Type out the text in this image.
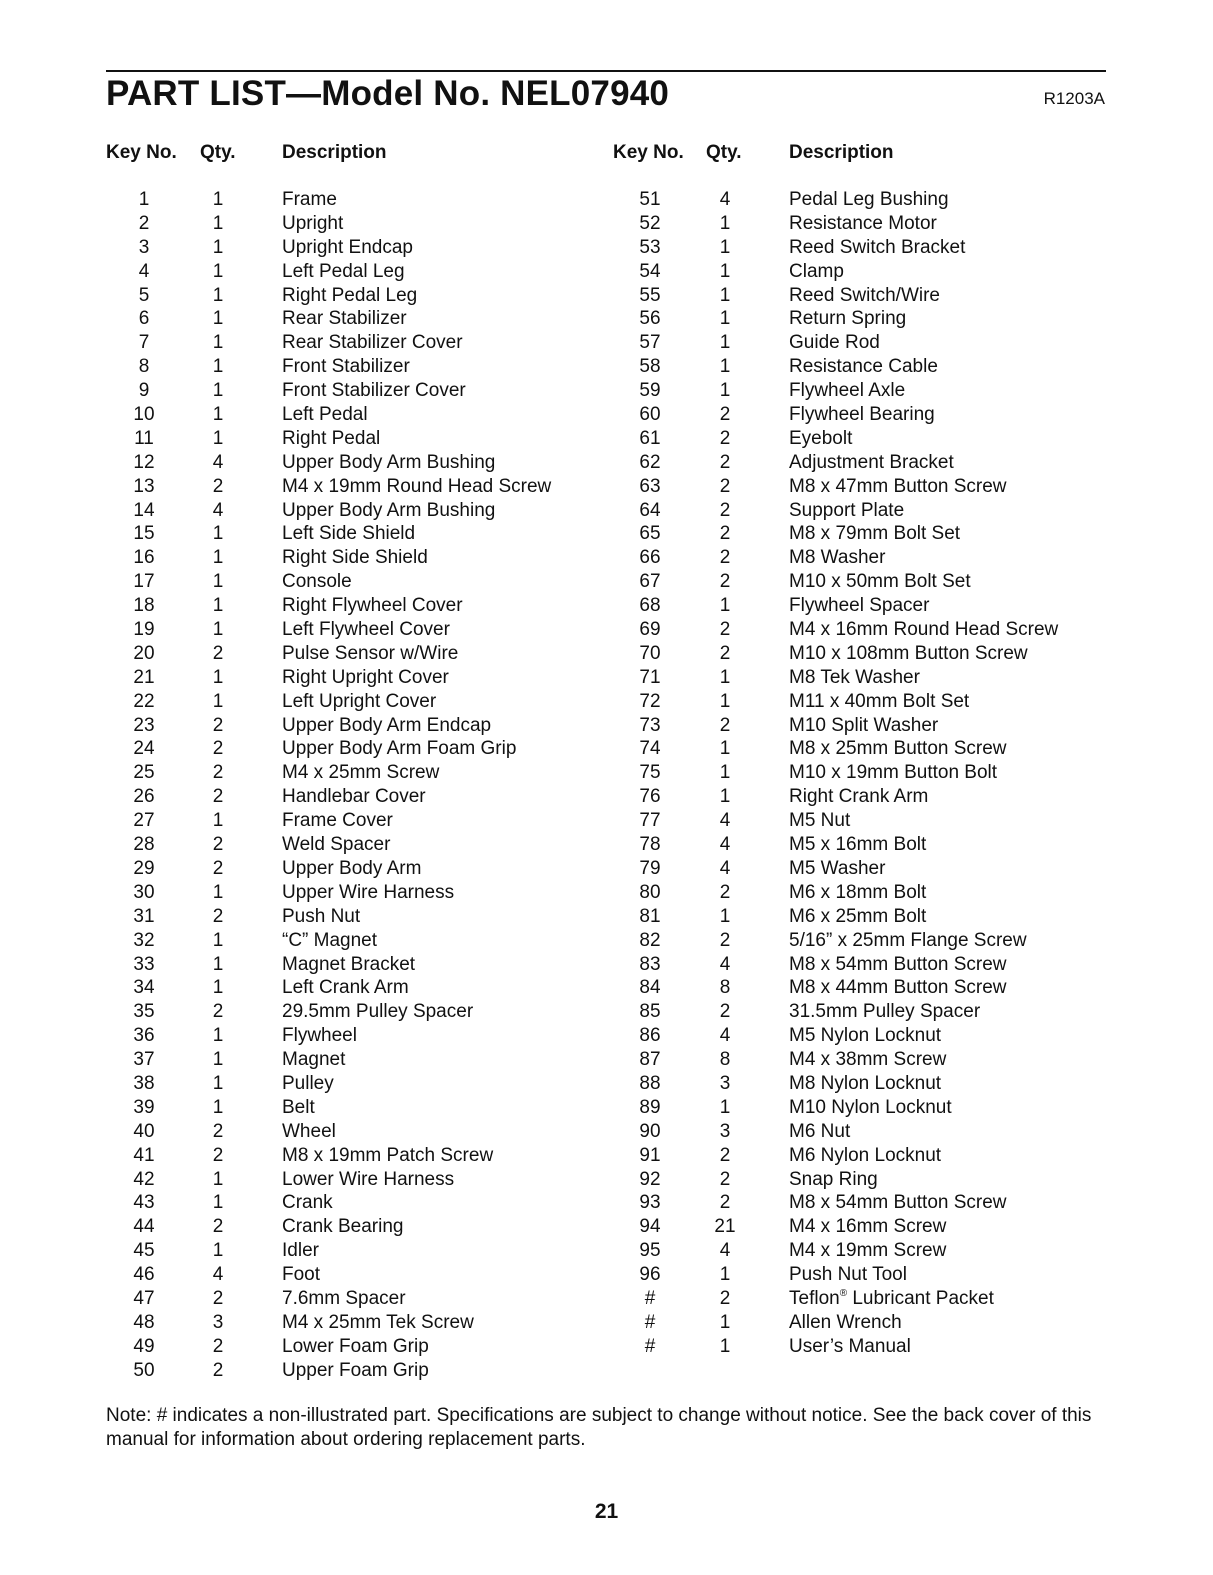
PART LIST—Model No. NEL07940	R1203A
Key No. Qty. Description	Key No. Qty. Description
1	1	Frame
2	1	Upright
3	1	Upright Endcap
4	1	Left Pedal Leg
5	1	Right Pedal Leg
6	1	Rear Stabilizer
7	1	Rear Stabilizer Cover
8	1	Front Stabilizer
9	1	Front Stabilizer Cover
10	1	Left Pedal
11	1	Right Pedal
12	4	Upper Body Arm Bushing
13	2	M4 x 19mm Round Head Screw
14	4	Upper Body Arm Bushing
15	1	Left Side Shield
16	1	Right Side Shield
17	1	Console
18	1	Right Flywheel Cover
19	1	Left Flywheel Cover
20	2	Pulse Sensor w/Wire
21	1	Right Upright Cover
22	1	Left Upright Cover
23	2	Upper Body Arm Endcap
24	2	Upper Body Arm Foam Grip
25	2	M4 x 25mm Screw
26	2	Handlebar Cover
27	1	Frame Cover
28	2	Weld Spacer
29	2	Upper Body Arm
30	1	Upper Wire Harness
31	2	Push Nut
32	1	“C” Magnet
33	1	Magnet Bracket
34	1	Left Crank Arm
35	2	29.5mm Pulley Spacer
36	1	Flywheel
37	1	Magnet
38	1	Pulley
39	1	Belt
40	2	Wheel
41	2	M8 x 19mm Patch Screw
42	1	Lower Wire Harness
43	1	Crank
44	2	Crank Bearing
45	1	Idler
46	4	Foot
47	2	7.6mm Spacer
48	3	M4 x 25mm Tek Screw
49	2	Lower Foam Grip
50	2	Upper Foam Grip
51	4	Pedal Leg Bushing
52	1	Resistance Motor
53	1	Reed Switch Bracket
54	1	Clamp
55	1	Reed Switch/Wire
56	1	Return Spring
57	1	Guide Rod
58	1	Resistance Cable
59	1	Flywheel Axle
60	2	Flywheel Bearing
61	2	Eyebolt
62	2	Adjustment Bracket
63	2	M8 x 47mm Button Screw
64	2	Support Plate
65	2	M8 x 79mm Bolt Set
66	2	M8 Washer
67	2	M10 x 50mm Bolt Set
68	1	Flywheel Spacer
69	2	M4 x 16mm Round Head Screw
70	2	M10 x 108mm Button Screw
71	1	M8 Tek Washer
72	1	M11 x 40mm Bolt Set
73	2	M10 Split Washer
74	1	M8 x 25mm Button Screw
75	1	M10 x 19mm Button Bolt
76	1	Right Crank Arm
77	4	M5 Nut
78	4	M5 x 16mm Bolt
79	4	M5 Washer
80	2	M6 x 18mm Bolt
81	1	M6 x 25mm Bolt
82	2	5/16” x 25mm Flange Screw
83	4	M8 x 54mm Button Screw
84	8	M8 x 44mm Button Screw
85	2	31.5mm Pulley Spacer
86	4	M5 Nylon Locknut
87	8	M4 x 38mm Screw
88	3	M8 Nylon Locknut
89	1	M10 Nylon Locknut
90	3	M6 Nut
91	2	M6 Nylon Locknut
92	2	Snap Ring
93	2	M8 x 54mm Button Screw
94	21	M4 x 16mm Screw
95	4	M4 x 19mm Screw
96	1	Push Nut Tool
#	2	Teflon® Lubricant Packet
#	1	Allen Wrench
#	1	User’s Manual

Note: # indicates a non-illustrated part. Specifications are subject to change without notice. See the back cover of this manual for information about ordering replacement parts.

21
